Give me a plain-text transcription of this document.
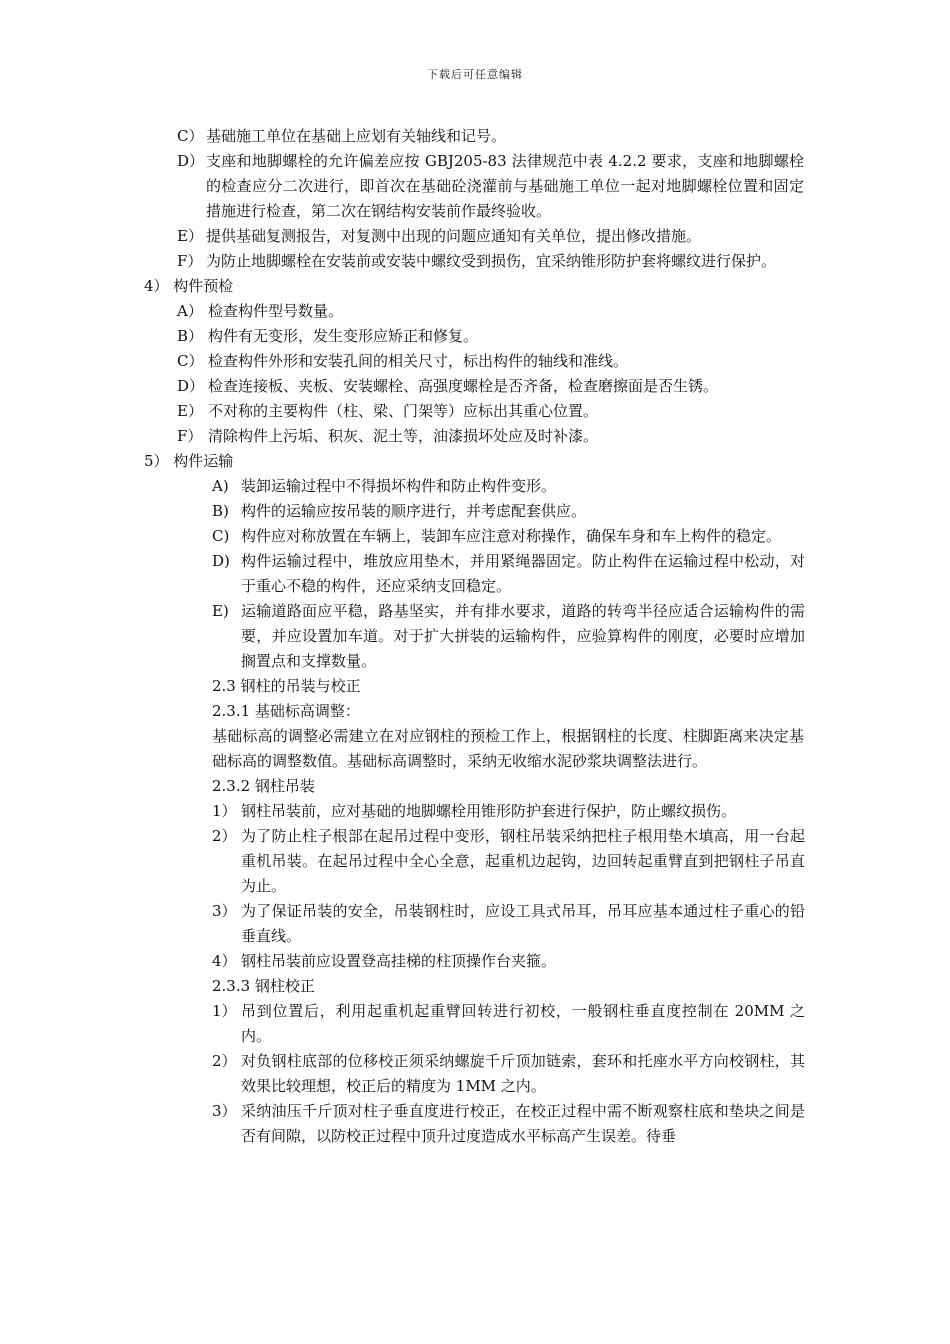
下载后可任意编辑
C） 基础施工单位在基础上应划有关轴线和记号。
D） 支座和地脚螺栓的允许偏差应按 GBJ205-83 法律规范中表 4.2.2 要求，支座和地脚螺栓的检查应分二次进行，即首次在基础砼浇灌前与基础施工单位一起对地脚螺栓位置和固定措施进行检查，第二次在钢结构安装前作最终验收。
E） 提供基础复测报告，对复测中出现的问题应通知有关单位，提出修改措施。
F） 为防止地脚螺栓在安装前或安装中螺纹受到损伤，宜采纳锥形防护套将螺纹进行保护。
4） 构件预检
A） 检查构件型号数量。
B） 构件有无变形，发生变形应矫正和修复。
C） 检查构件外形和安装孔间的相关尺寸，标出构件的轴线和准线。
D） 检查连接板、夹板、安装螺栓、高强度螺栓是否齐备，检查磨擦面是否生锈。
E） 不对称的主要构件（柱、梁、门架等）应标出其重心位置。
F） 清除构件上污垢、积灰、泥土等，油漆损坏处应及时补漆。
5） 构件运输
A) 装卸运输过程中不得损坏构件和防止构件变形。
B) 构件的运输应按吊装的顺序进行，并考虑配套供应。
C) 构件应对称放置在车辆上，装卸车应注意对称操作，确保车身和车上构件的稳定。
D) 构件运输过程中，堆放应用垫木，并用紧绳器固定。防止构件在运输过程中松动，对于重心不稳的构件，还应采纳支回稳定。
E) 运输道路面应平稳，路基坚实，并有排水要求，道路的转弯半径应适合运输构件的需要，并应设置加车道。对于扩大拼装的运输构件，应验算构件的刚度，必要时应增加搁置点和支撑数量。
2.3 钢柱的吊装与校正
2.3.1 基础标高调整：
基础标高的调整必需建立在对应钢柱的预检工作上，根据钢柱的长度、柱脚距离来决定基础标高的调整数值。基础标高调整时，采纳无收缩水泥砂浆块调整法进行。
2.3.2 钢柱吊装
1） 钢柱吊装前，应对基础的地脚螺栓用锥形防护套进行保护，防止螺纹损伤。
2） 为了防止柱子根部在起吊过程中变形，钢柱吊装采纳把柱子根用垫木填高，用一台起重机吊装。在起吊过程中全心全意，起重机边起钩，边回转起重臂直到把钢柱子吊直为止。
3） 为了保证吊装的安全，吊装钢柱时，应设工具式吊耳，吊耳应基本通过柱子重心的铅垂直线。
4） 钢柱吊装前应设置登高挂梯的柱顶操作台夹箍。
2.3.3 钢柱校正
1） 吊到位置后，利用起重机起重臂回转进行初校，一般钢柱垂直度控制在 20MM 之内。
2） 对负钢柱底部的位移校正须采纳螺旋千斤顶加链索，套环和托座水平方向校钢柱，其效果比较理想，校正后的精度为 1MM 之内。
3） 采纳油压千斤顶对柱子垂直度进行校正，在校正过程中需不断观察柱底和垫块之间是否有间隙，以防校正过程中顶升过度造成水平标高产生误差。待垂
